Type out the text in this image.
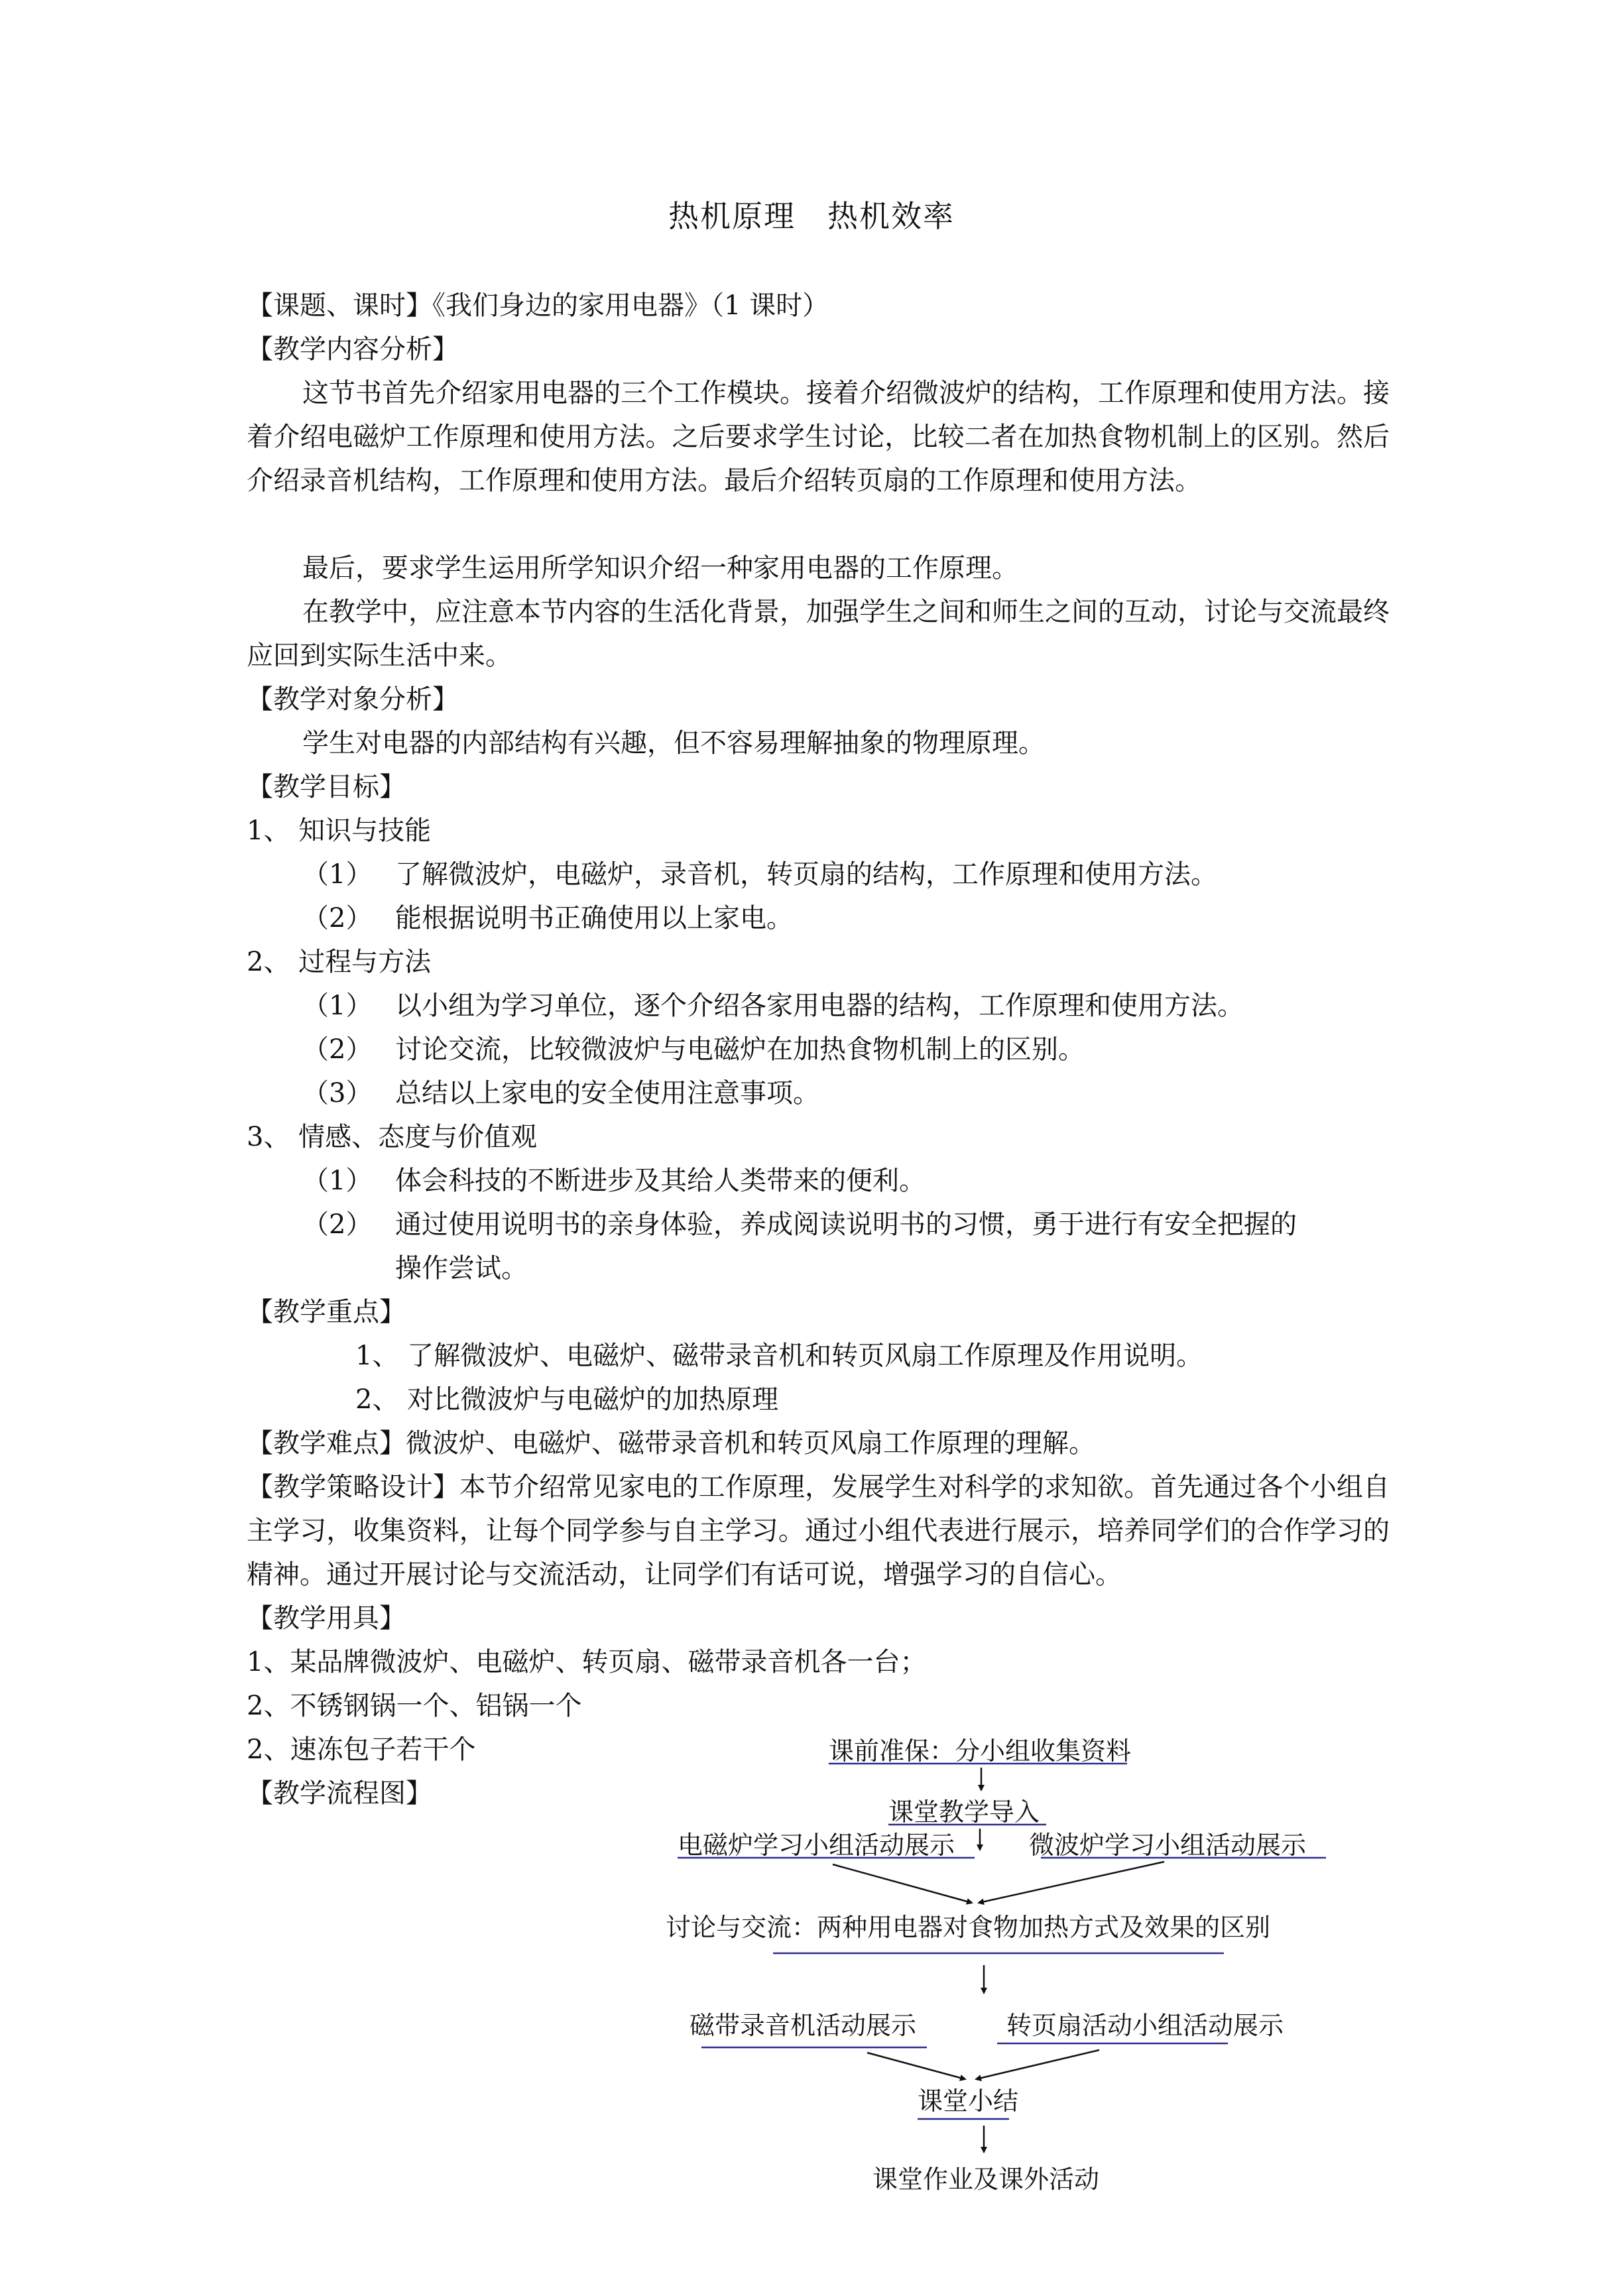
热机原理　热机效率
【课题、课时】《我们身边的家用电器》（1 课时）
【教学内容分析】
这节书首先介绍家用电器的三个工作模块。接着介绍微波炉的结构，工作原理和使用方法。接着介绍电磁炉工作原理和使用方法。之后要求学生讨论，比较二者在加热食物机制上的区别。然后介绍录音机结构，工作原理和使用方法。最后介绍转页扇的工作原理和使用方法。
最后，要求学生运用所学知识介绍一种家用电器的工作原理。
在教学中，应注意本节内容的生活化背景，加强学生之间和师生之间的互动，讨论与交流最终应回到实际生活中来。
【教学对象分析】
学生对电器的内部结构有兴趣，但不容易理解抽象的物理原理。
【教学目标】
1、 知识与技能
（1） 了解微波炉，电磁炉，录音机，转页扇的结构，工作原理和使用方法。
（2） 能根据说明书正确使用以上家电。
2、 过程与方法
（1） 以小组为学习单位，逐个介绍各家用电器的结构，工作原理和使用方法。
（2） 讨论交流，比较微波炉与电磁炉在加热食物机制上的区别。
（3） 总结以上家电的安全使用注意事项。
3、 情感、态度与价值观
（1） 体会科技的不断进步及其给人类带来的便利。
（2） 通过使用说明书的亲身体验，养成阅读说明书的习惯，勇于进行有安全把握的
操作尝试。
【教学重点】
1、 了解微波炉、电磁炉、磁带录音机和转页风扇工作原理及作用说明。
2、 对比微波炉与电磁炉的加热原理
【教学难点】微波炉、电磁炉、磁带录音机和转页风扇工作原理的理解。
【教学策略设计】本节介绍常见家电的工作原理，发展学生对科学的求知欲。首先通过各个小组自主学习，收集资料，让每个同学参与自主学习。通过小组代表进行展示，培养同学们的合作学习的精神。通过开展讨论与交流活动，让同学们有话可说，增强学习的自信心。
【教学用具】
1、某品牌微波炉、电磁炉、转页扇、磁带录音机各一台；
2、不锈钢锅一个、铝锅一个
2、速冻包子若干个
【教学流程图】
课前准保：分小组收集资料
课堂教学导入
电磁炉学习小组活动展示	微波炉学习小组活动展示
讨论与交流：两种用电器对食物加热方式及效果的区别
磁带录音机活动展示	转页扇活动小组活动展示
课堂小结
课堂作业及课外活动
